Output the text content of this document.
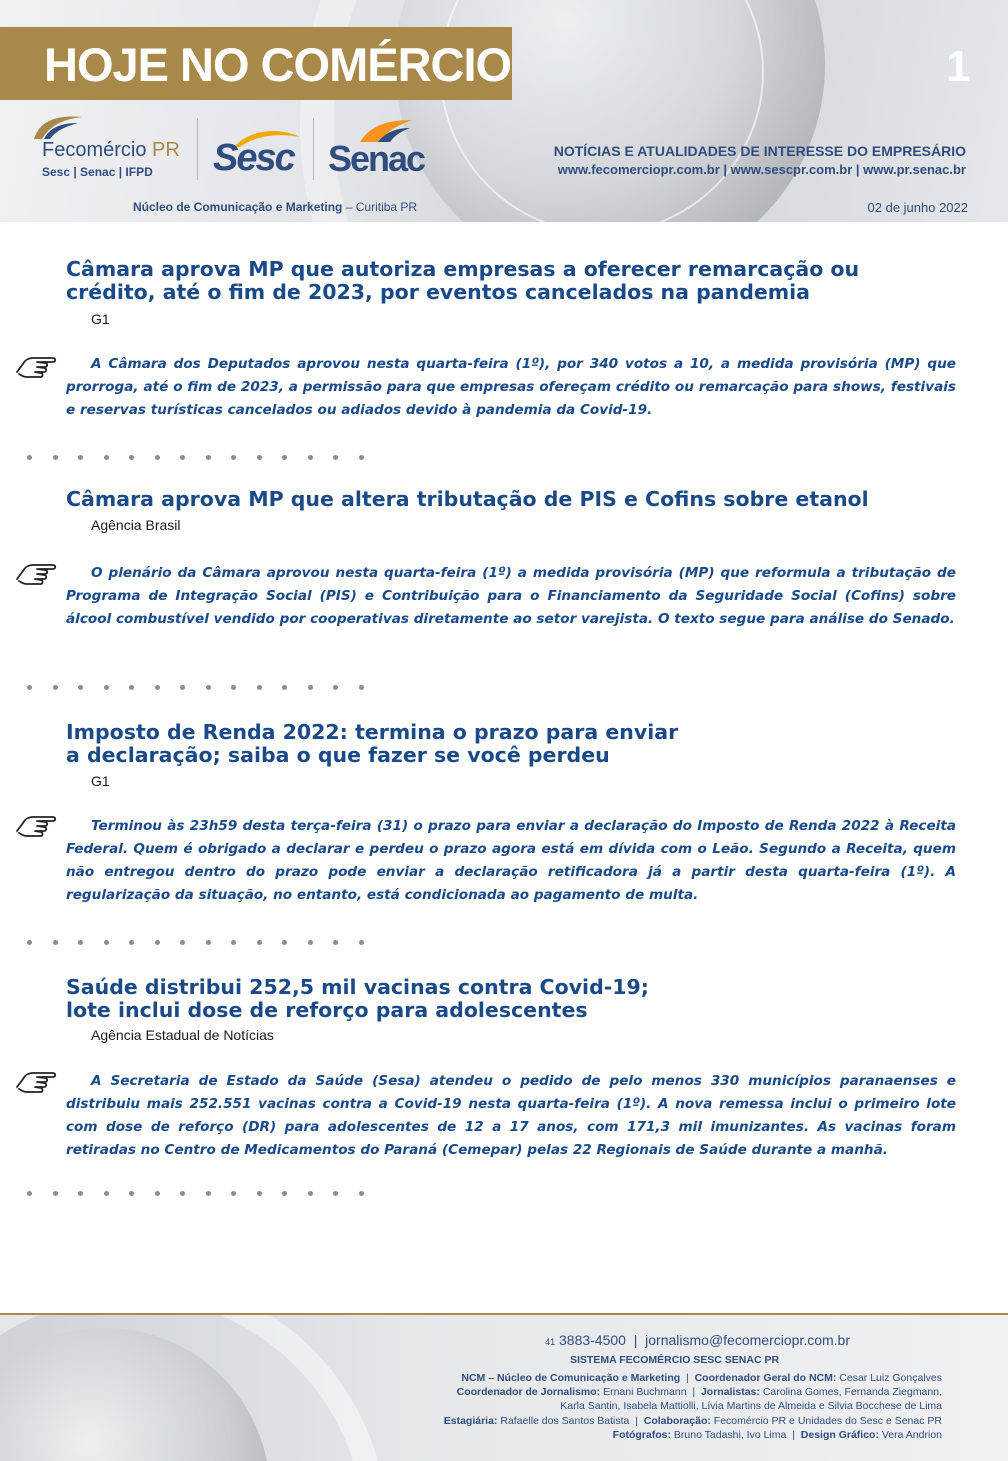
HOJE NO COMÉRCIO	1
Fecomércio PR
Sesc | Senac | IFPD Sesc Senac	NOTÍCIAS E ATUALIDADES DE INTERESSE DO EMPRESÁRIO
www.fecomerciopr.com.br | www.sescpr.com.br | www.pr.senac.br
Núcleo de Comunicação e Marketing – Curitiba PR	02 de junho 2022
Câmara aprova MP que autoriza empresas a oferecer remarcação ou
crédito, até o fim de 2023, por eventos cancelados na pandemia
G1
A Câmara dos Deputados aprovou nesta quarta-feira (1º), por 340 votos a 10, a medida provisória (MP) que prorroga, até o fim de 2023, a permissão para que empresas ofereçam crédito ou remarcação para shows, festivais e reservas turísticas cancelados ou adiados devido à pandemia da Covid-19.
Câmara aprova MP que altera tributação de PIS e Cofins sobre etanol
Agência Brasil
O plenário da Câmara aprovou nesta quarta-feira (1º) a medida provisória (MP) que reformula a tributação de Programa de Integração Social (PIS) e Contribuição para o Financiamento da Seguridade Social (Cofins) sobre álcool combustível vendido por cooperativas diretamente ao setor varejista. O texto segue para análise do Senado.
Imposto de Renda 2022: termina o prazo para enviar
a declaração; saiba o que fazer se você perdeu
G1
Terminou às 23h59 desta terça-feira (31) o prazo para enviar a declaração do Imposto de Renda 2022 à Receita Federal. Quem é obrigado a declarar e perdeu o prazo agora está em dívida com o Leão. Segundo a Receita, quem não entregou dentro do prazo pode enviar a declaração retificadora já a partir desta quarta-feira (1º). A regularização da situação, no entanto, está condicionada ao pagamento de multa.
Saúde distribui 252,5 mil vacinas contra Covid-19;
lote inclui dose de reforço para adolescentes
Agência Estadual de Notícias
A Secretaria de Estado da Saúde (Sesa) atendeu o pedido de pelo menos 330 municípios paranaenses e distribuiu mais 252.551 vacinas contra a Covid-19 nesta quarta-feira (1º). A nova remessa inclui o primeiro lote com dose de reforço (DR) para adolescentes de 12 a 17 anos, com 171,3 mil imunizantes. As vacinas foram retiradas no Centro de Medicamentos do Paraná (Cemepar) pelas 22 Regionais de Saúde durante a manhã.
41 3883-4500  |  jornalismo@fecomerciopr.com.br
SISTEMA FECOMÉRCIO SESC SENAC PR
NCM – Núcleo de Comunicação e Marketing  |  Coordenador Geral do NCM: Cesar Luiz Gonçalves
Coordenador de Jornalismo: Ernani Buchmann  |  Jornalistas: Carolina Gomes, Fernanda Ziegmann,
Karla Santin, Isabela Mattiolli, Lívia Martins de Almeida e Silvia Bocchese de Lima
Estagiária: Rafaelle dos Santos Batista  |  Colaboração: Fecomércio PR e Unidades do Sesc e Senac PR
Fotógrafos: Bruno Tadashi, Ivo Lima  |  Design Gráfico: Vera Andrion
